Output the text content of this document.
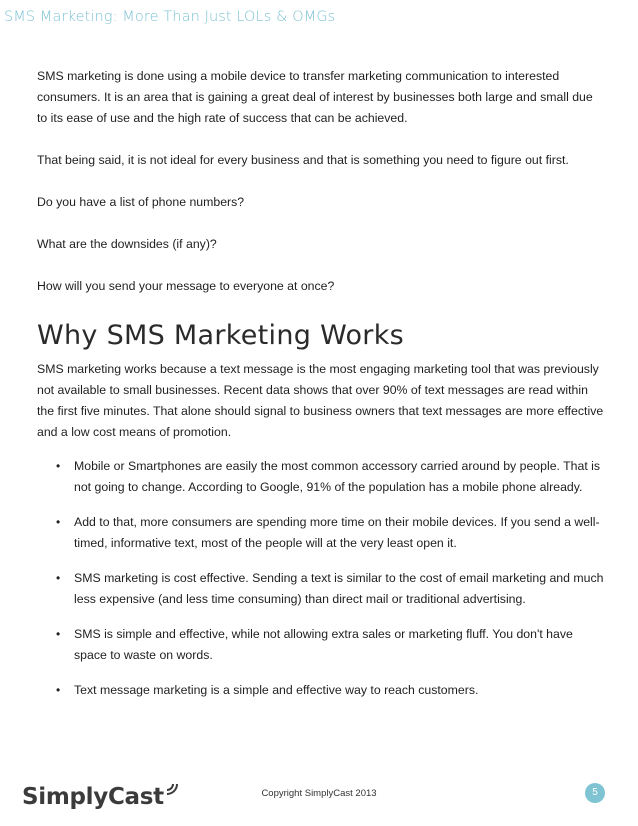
SMS Marketing: More Than Just LOLs & OMGs

SMS marketing is done using a mobile device to transfer marketing communication to interested consumers. It is an area that is gaining a great deal of interest by businesses both large and small due to its ease of use and the high rate of success that can be achieved.

That being said, it is not ideal for every business and that is something you need to figure out first.

Do you have a list of phone numbers?

What are the downsides (if any)?

How will you send your message to everyone at once?

Why SMS Marketing Works

SMS marketing works because a text message is the most engaging marketing tool that was previously not available to small businesses. Recent data shows that over 90% of text messages are read within the first five minutes. That alone should signal to business owners that text messages are more effective and a low cost means of promotion.

• Mobile or Smartphones are easily the most common accessory carried around by people. That is not going to change. According to Google, 91% of the population has a mobile phone already.
• Add to that, more consumers are spending more time on their mobile devices. If you send a well-timed, informative text, most of the people will at the very least open it.
• SMS marketing is cost effective. Sending a text is similar to the cost of email marketing and much less expensive (and less time consuming) than direct mail or traditional advertising.
• SMS is simple and effective, while not allowing extra sales or marketing fluff. You don't have space to waste on words.
• Text message marketing is a simple and effective way to reach customers.
SimplyCast	Copyright SimplyCast 2013	5
